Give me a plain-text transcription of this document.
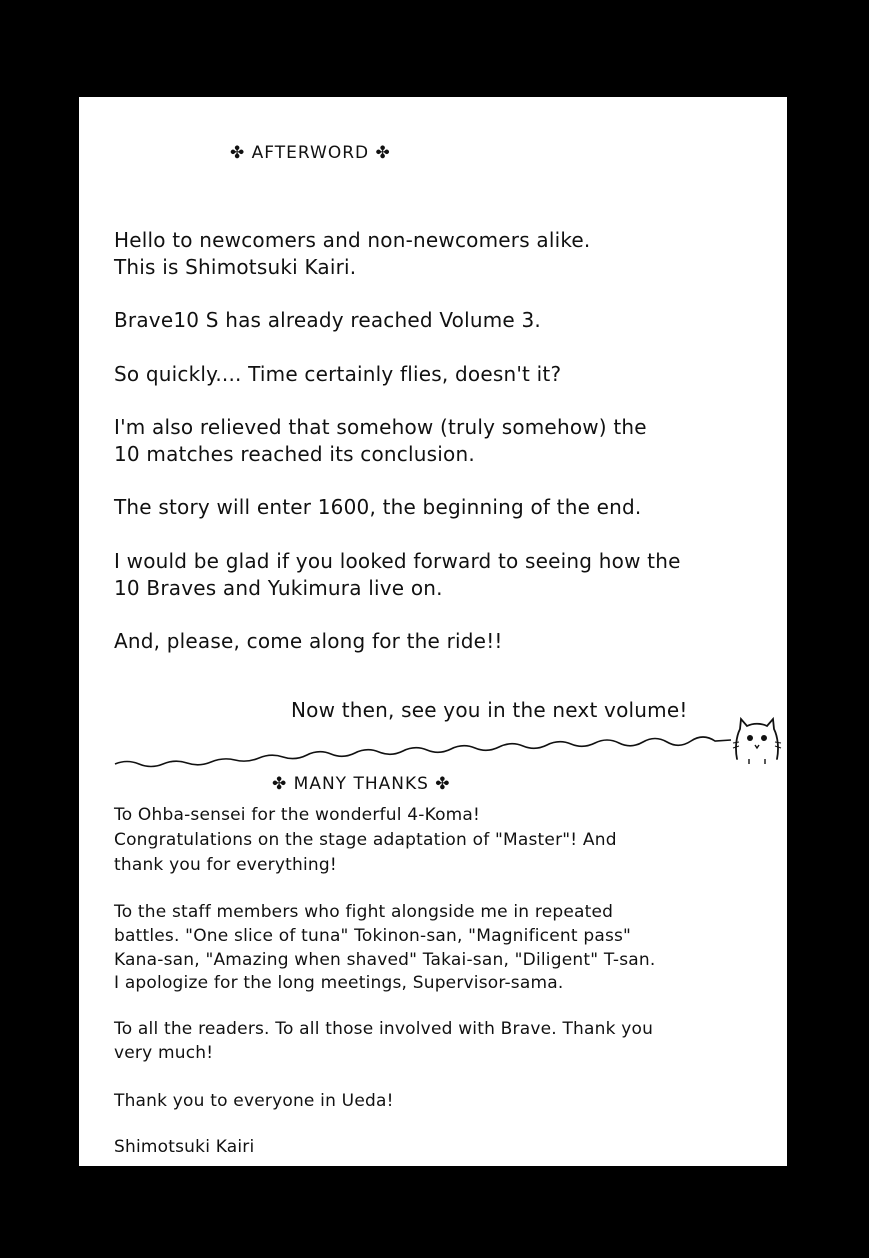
✤ AFTERWORD ✤
Hello to newcomers and non-newcomers alike.
This is Shimotsuki Kairi.
Brave10 S has already reached Volume 3.
So quickly.... Time certainly flies, doesn't it?
I'm also relieved that somehow (truly somehow) the
10 matches reached its conclusion.
The story will enter 1600, the beginning of the end.
I would be glad if you looked forward to seeing how the
10 Braves and Yukimura live on.
And, please, come along for the ride!!
Now then, see you in the next volume!
✤ MANY THANKS ✤
To Ohba-sensei for the wonderful 4-Koma!
Congratulations on the stage adaptation of "Master"! And
thank you for everything!
To the staff members who fight alongside me in repeated
battles. "One slice of tuna" Tokinon-san, "Magnificent pass"
Kana-san, "Amazing when shaved" Takai-san, "Diligent" T-san.
I apologize for the long meetings, Supervisor-sama.
To all the readers. To all those involved with Brave. Thank you
very much!
Thank you to everyone in Ueda!
Shimotsuki Kairi
